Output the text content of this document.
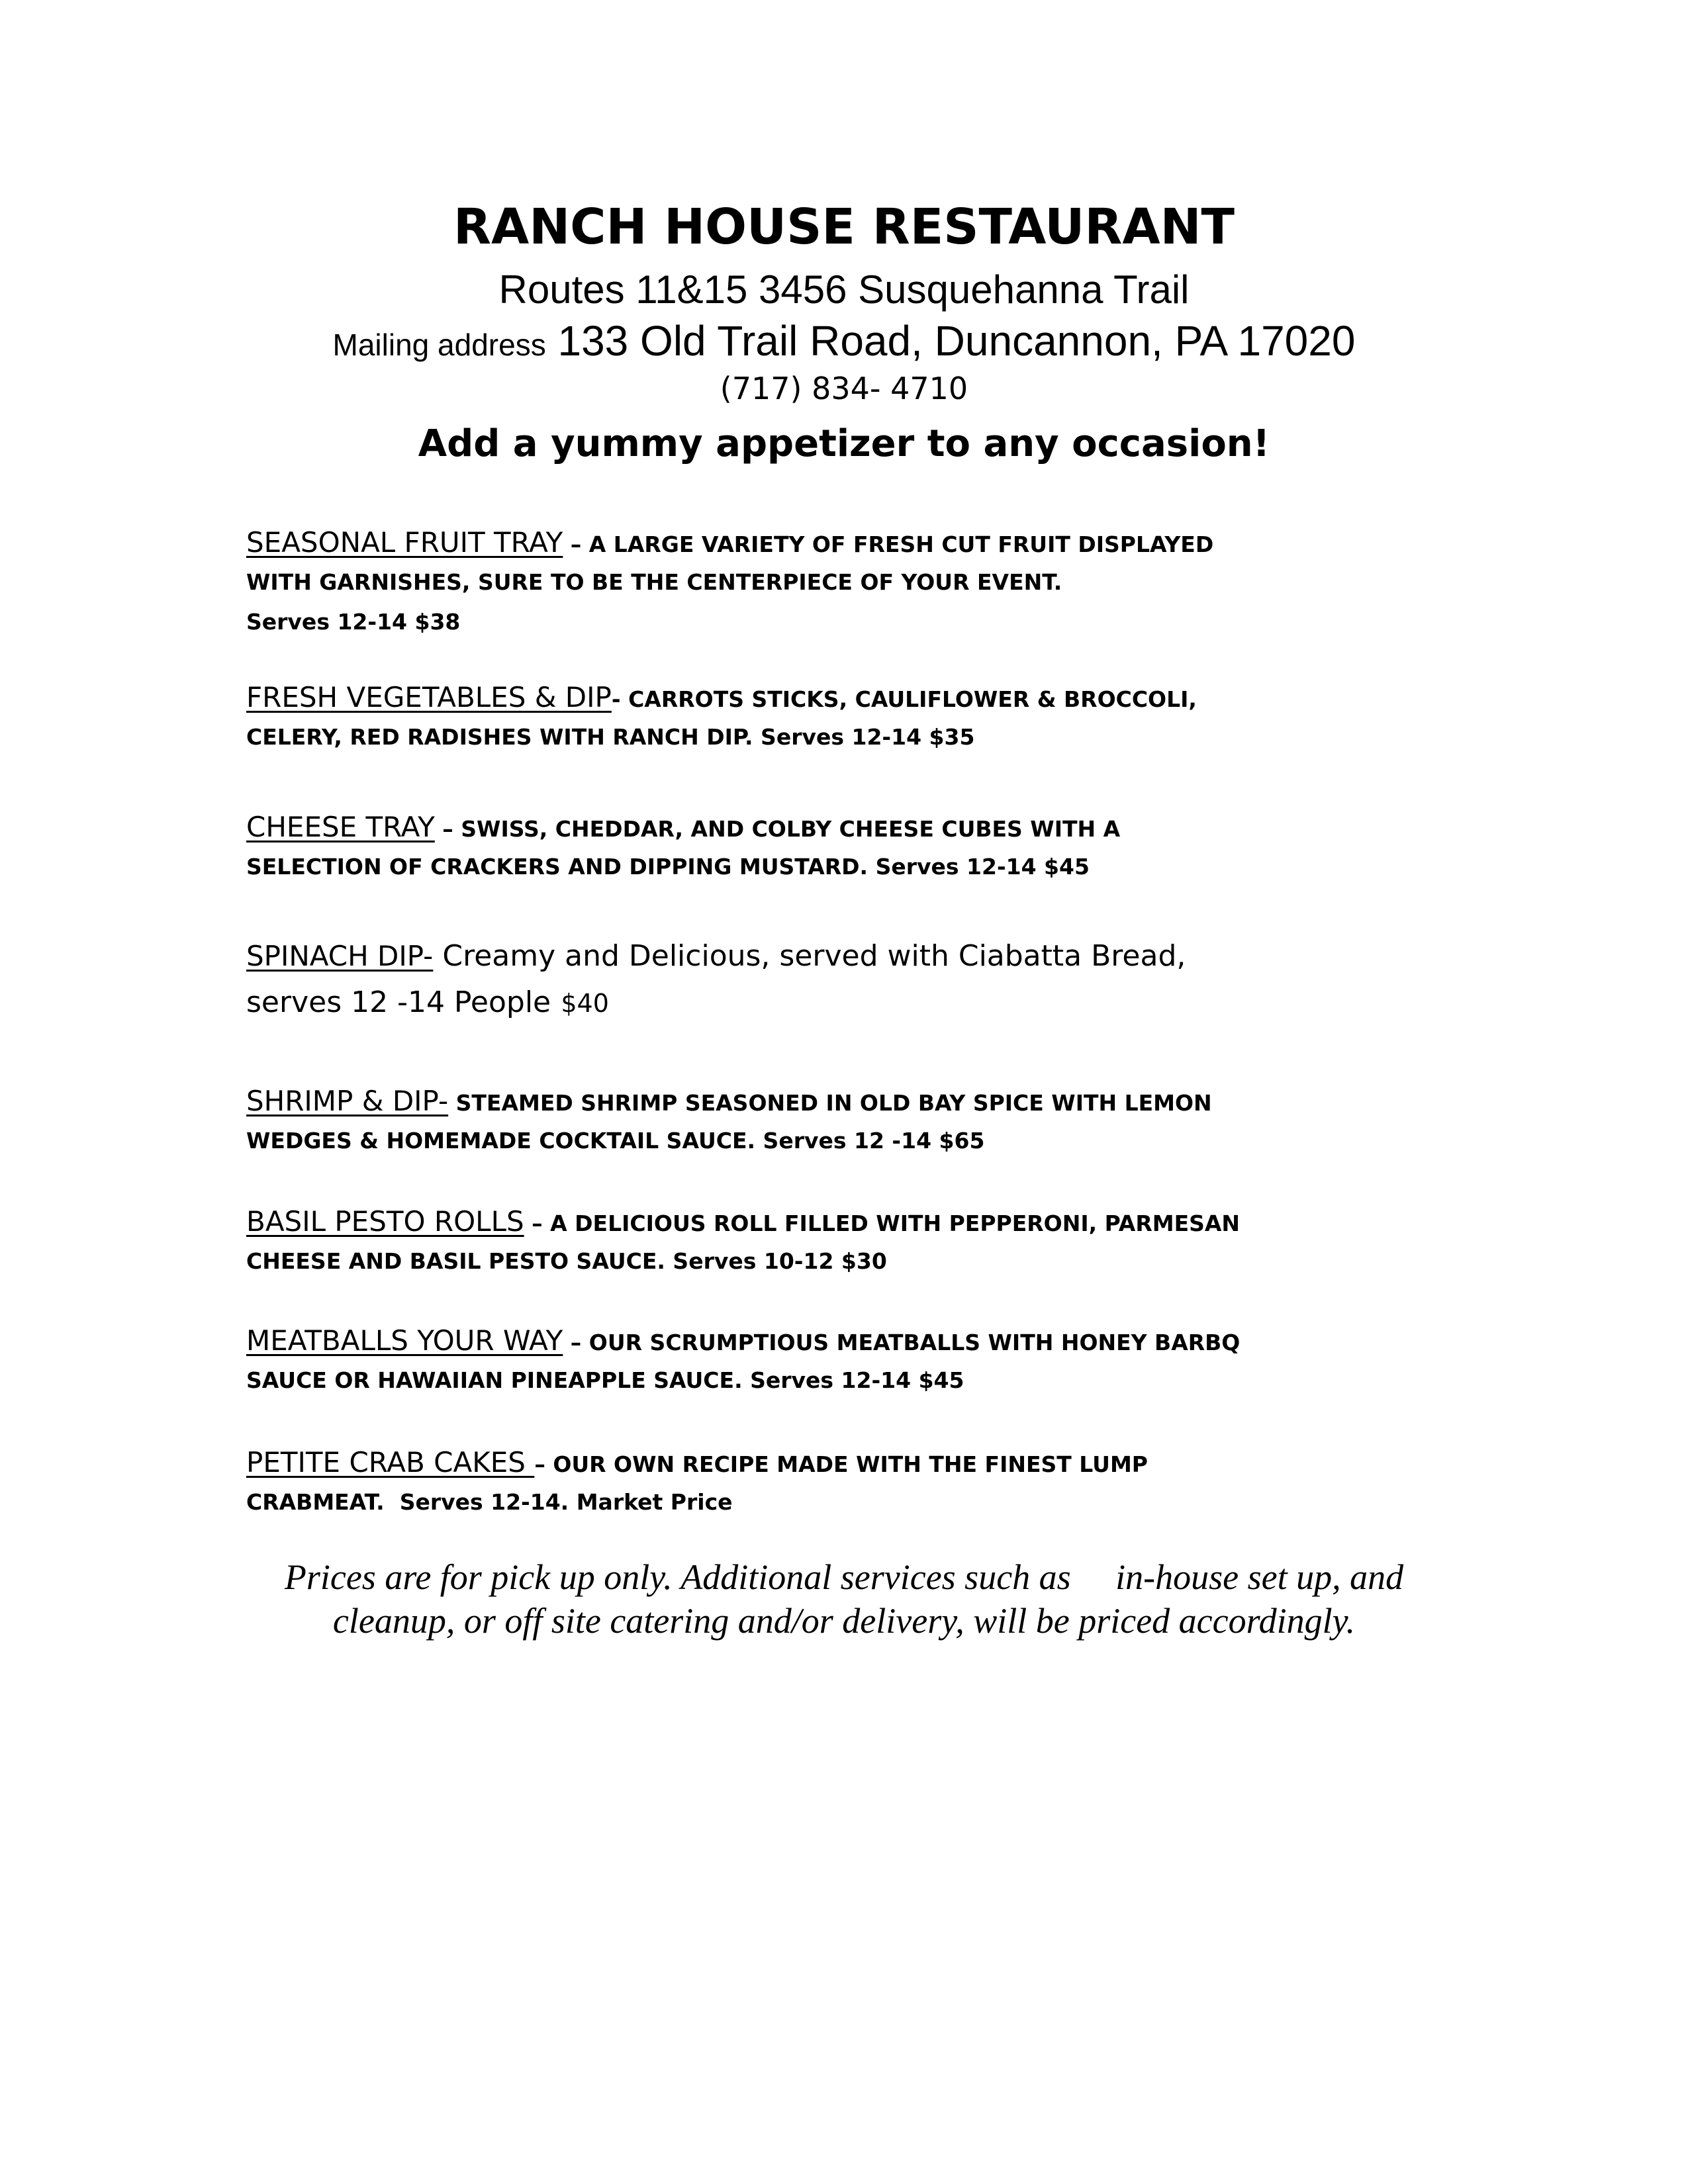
RANCH HOUSE RESTAURANT
Routes 11&15 3456 Susquehanna Trail
Mailing address 133 Old Trail Road, Duncannon, PA 17020
(717) 834- 4710
Add a yummy appetizer to any occasion!
SEASONAL FRUIT TRAY – A LARGE VARIETY OF FRESH CUT FRUIT DISPLAYED
WITH GARNISHES, SURE TO BE THE CENTERPIECE OF YOUR EVENT.
Serves 12-14 $38
FRESH VEGETABLES & DIP- CARROTS STICKS, CAULIFLOWER & BROCCOLI,
CELERY, RED RADISHES WITH RANCH DIP. Serves 12-14 $35
CHEESE TRAY – SWISS, CHEDDAR, AND COLBY CHEESE CUBES WITH A
SELECTION OF CRACKERS AND DIPPING MUSTARD. Serves 12-14 $45
SPINACH DIP- Creamy and Delicious, served with Ciabatta Bread,
serves 12 -14 People $40
SHRIMP & DIP- STEAMED SHRIMP SEASONED IN OLD BAY SPICE WITH LEMON
WEDGES & HOMEMADE COCKTAIL SAUCE. Serves 12 -14 $65
BASIL PESTO ROLLS – A DELICIOUS ROLL FILLED WITH PEPPERONI, PARMESAN
CHEESE AND BASIL PESTO SAUCE. Serves 10-12 $30
MEATBALLS YOUR WAY – OUR SCRUMPTIOUS MEATBALLS WITH HONEY BARBQ
SAUCE OR HAWAIIAN PINEAPPLE SAUCE. Serves 12-14 $45
PETITE CRAB CAKES – OUR OWN RECIPE MADE WITH THE FINEST LUMP
CRABMEAT.  Serves 12-14. Market Price
Prices are for pick up only. Additional services such as     in-house set up, and
cleanup, or off site catering and/or delivery, will be priced accordingly.
